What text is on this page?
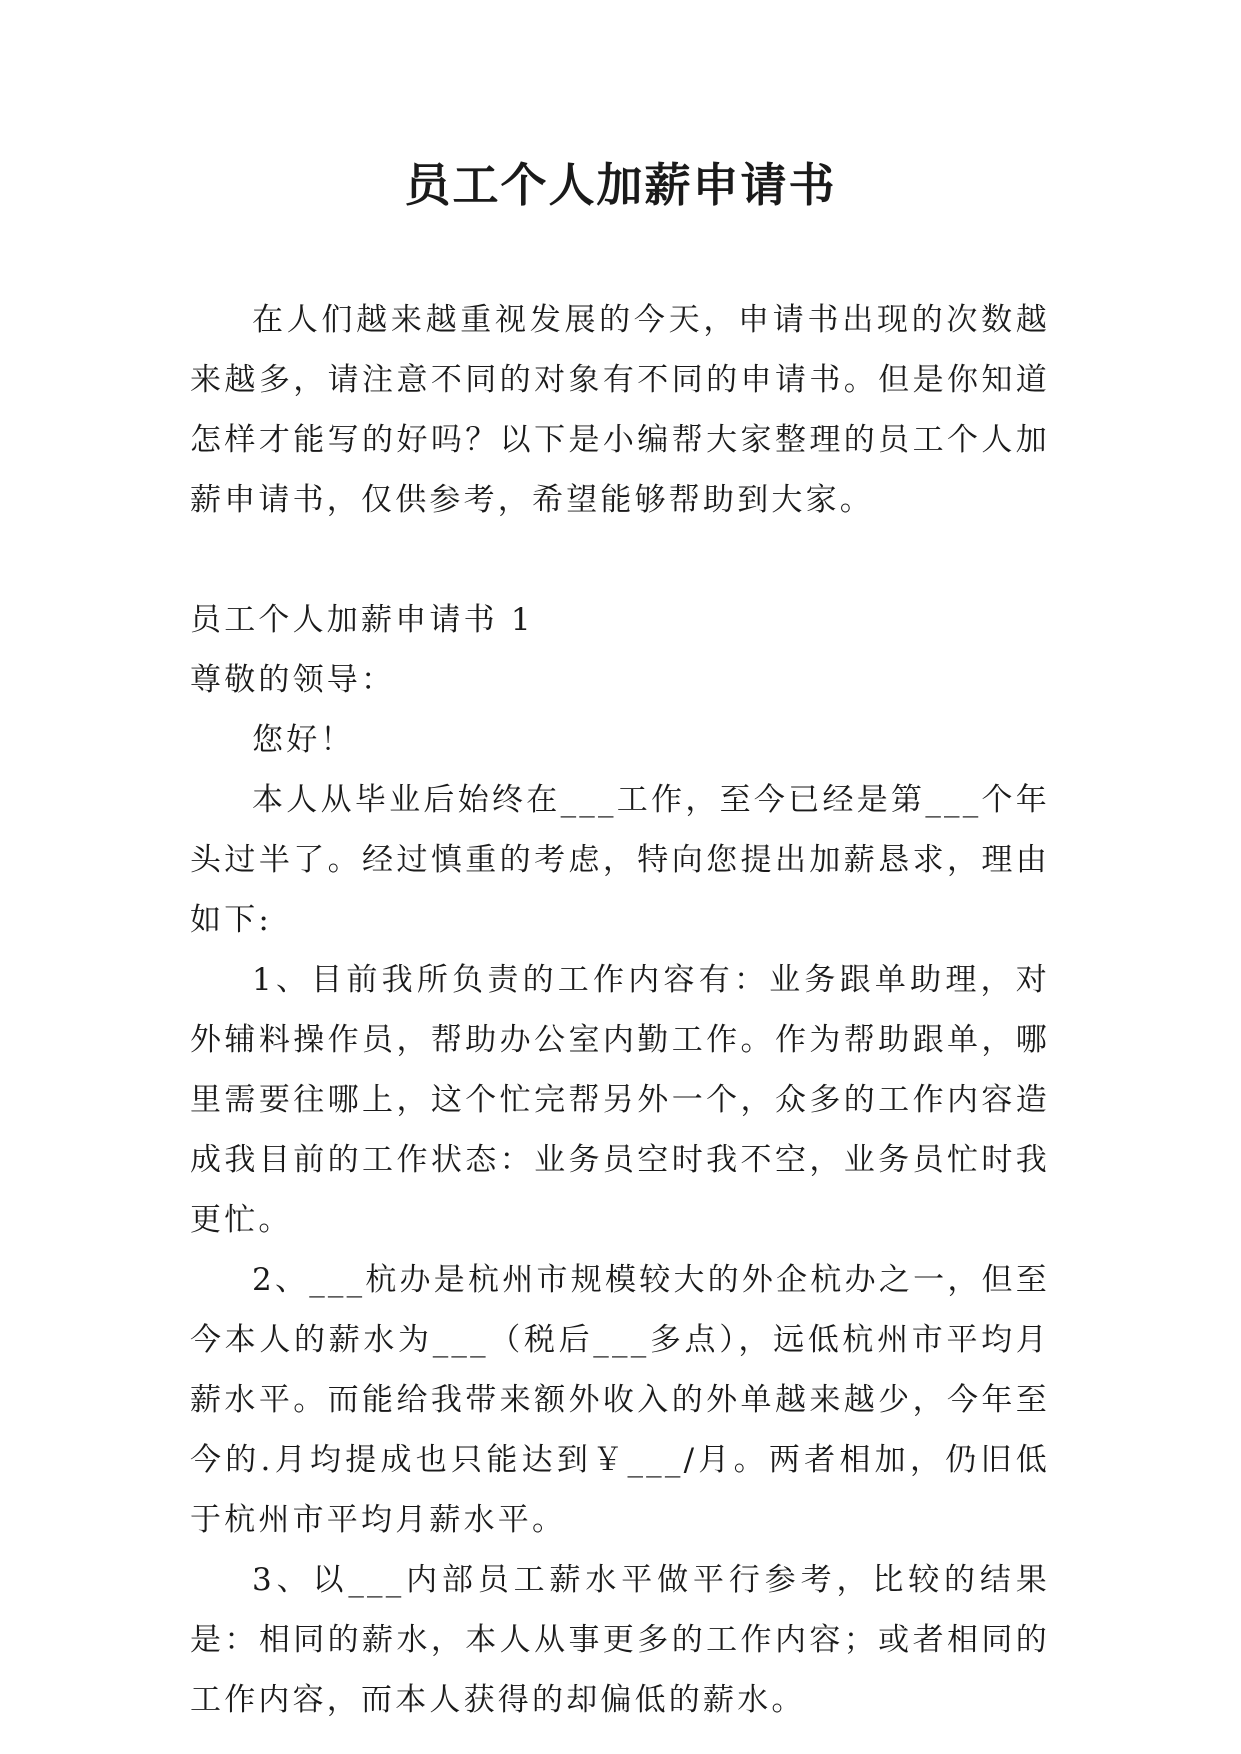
员工个人加薪申请书

在人们越来越重视发展的今天，申请书出现的次数越来越多，请注意不同的对象有不同的申请书。但是你知道怎样才能写的好吗？以下是小编帮大家整理的员工个人加薪申请书，仅供参考，希望能够帮助到大家。

员工个人加薪申请书 1

尊敬的领导：

您好！

本人从毕业后始终在___工作，至今已经是第___个年头过半了。经过慎重的考虑，特向您提出加薪恳求，理由如下:

1、目前我所负责的工作内容有：业务跟单助理，对外辅料操作员，帮助办公室内勤工作。作为帮助跟单，哪里需要往哪上，这个忙完帮另外一个，众多的工作内容造成我目前的工作状态：业务员空时我不空，业务员忙时我更忙。

2、___杭办是杭州市规模较大的外企杭办之一，但至今本人的薪水为___（税后___多点），远低杭州市平均月薪水平。而能给我带来额外收入的外单越来越少，今年至今的.月均提成也只能达到￥___/月。两者相加，仍旧低于杭州市平均月薪水平。

3、以___内部员工薪水平做平行参考，比较的结果是：相同的薪水，本人从事更多的工作内容；或者相同的工作内容，而本人获得的却偏低的薪水。
